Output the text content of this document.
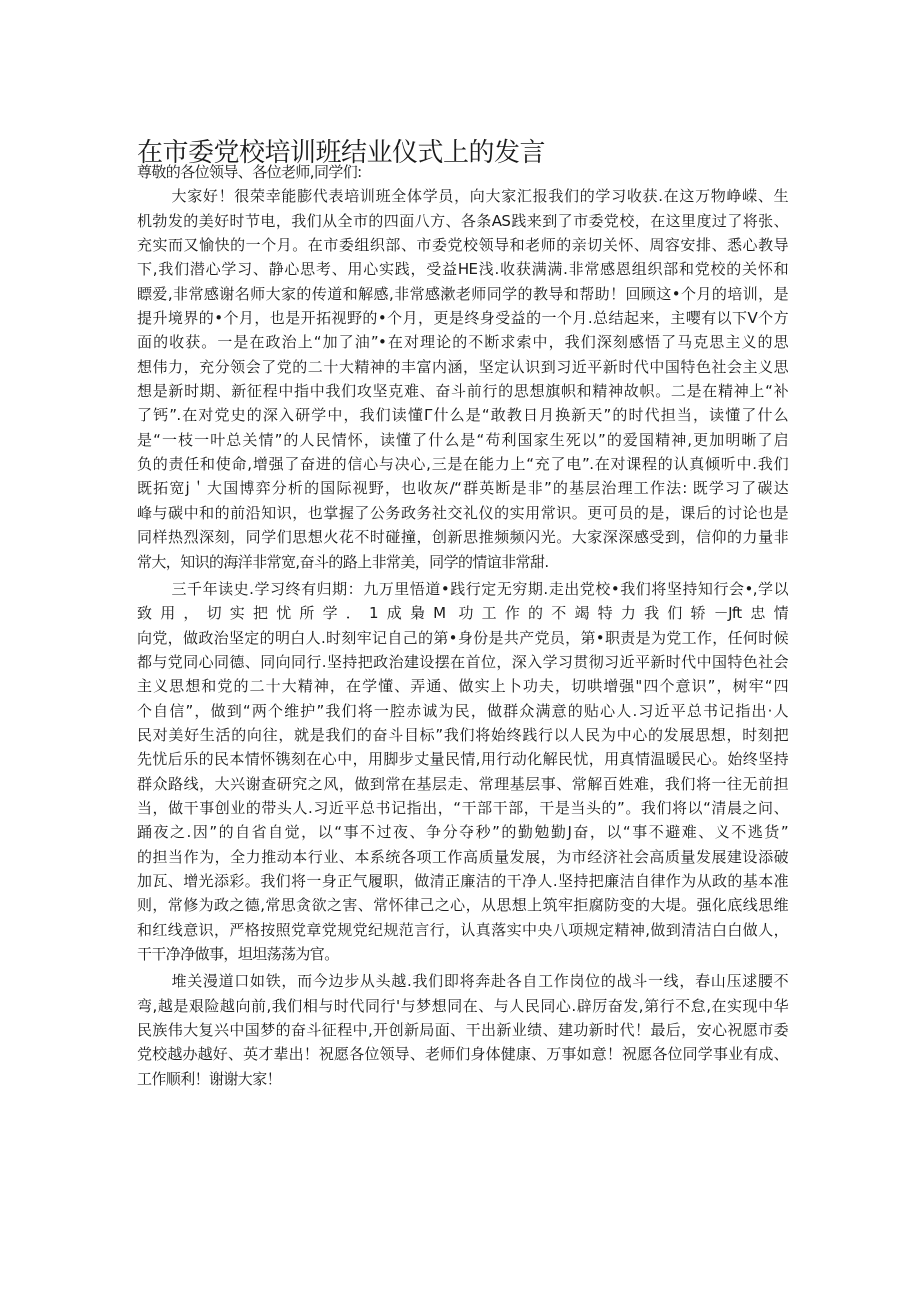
在市委党校培训班结业仪式上的发言
尊敬的各位领导、各位老师,同学们:
大家好！很荣幸能膨代表培训班全体学员，向大家汇报我们的学习收获.在这万物峥嵘、生
机勃发的美好时节电，我们从全市的四面八方、各条AS践来到了市委党校，在这里度过了将张、
充实而又愉快的一个月。在市委组织部、市委党校领导和老师的亲切关怀、周容安排、悉心教导
下,我们潜心学习、静心思考、用心实践，受益HE浅.收获满满.非常感恩组织部和党校的关怀和
瞟爱,非常感谢名师大家的传道和解感,非常感漱老师同学的教导和帮助！回顾这•个月的培训，是
提升境界的•个月，也是开拓视野的•个月，更是终身受益的一个月.总结起来，主嘤有以下V个方
面的收获。一是在政治上“加了油”•在对理论的不断求索中，我们深刻感悟了马克思主义的思
想伟力，充分领会了党的二十大精神的丰富内涵，坚定认识到习近平新时代中国特色社会主义思
想是新时期、新征程中指中我们攻坚克难、奋斗前行的思想旗帜和精神故帜。二是在精神上“补
了钙”.在对党史的深入研学中，我们读懂Γ什么是“敢教日月换新天”的时代担当，读懂了什么
是“一枝一叶总关情”的人民情怀，读懂了什么是“苟利国家生死以”的爱国精神,更加明晰了启
负的责任和使命,增强了奋进的信心与决心,三是在能力上“充了电”.在对课程的认真倾听中.我们
既拓宽j＇大国博弈分析的国际视野，也收灰/“群英断是非”的基层治理工作法: 既学习了碳达
峰与碳中和的前沿知识，也掌握了公务政务社交礼仪的实用常识。更可员的是，课后的讨论也是
同样热烈深刻，同学们思想火花不时碰撞，创新思推频频闪光。大家深深感受到，信仰的力量非
常大，知识的海洋非常宽,奋斗的路上非常美，同学的情谊非常甜.
三千年读史.学习终有归期：九万里悟道•践行定无穷期.走出党校•我们将坚持知行会•,学以
致用，切实把忧所学．1成梟M 功工作的不竭特力我们轿－Jft忠情
向党，做政治坚定的明白人.时刻牢记自己的第•身份是共产党员，第•职责是为党工作，任何时候
都与党同心同德、同向同行.坚持把政治建设摆在首位，深入学习贯彻习近平新时代中国特色社会
主义思想和党的二十大精神，在学懂、弄通、做实上卜功夫，切哄增强"四个意识”，树牢“四
个自信”，做到“两个维护”我们将一腔赤诚为民，做群众满意的贴心人.习近平总书记指出·人
民对美好生活的向往，就是我们的奋斗目标”我们将始终践行以人民为中心的发展思想，时刻把
先忧后乐的民本情怀镌刻在心中，用脚步丈量民情,用行动化解民忧，用真情温暖民心。始终坚持
群众路线，大兴谢查研究之风，做到常在基层走、常理基层事、常解百姓难，我们将一往无前担
当，做干事创业的带头人.习近平总书记指出，“干部干部，干是当头的”。我们将以“清晨之问、
踊夜之.因”的自省自觉，以“事不过夜、争分夺秒”的勤勉勤J奋，以“事不避难、义不逃货”
的担当作为，全力推动本行业、本系统各项工作高质量发展，为市经济社会高质量发展建设添破
加瓦、增光添彩。我们将一身正气履职，做清正廉洁的干净人.坚持把廉洁自律作为从政的基本准
则，常修为政之德,常思贪欲之害、常怀律己之心，从思想上筑牢拒腐防变的大堤。强化底线思维
和红线意识，严格按照党章党规党纪规范言行，认真落实中央八项规定精神,做到清洁白白做人，
干干净净做事，坦坦荡荡为官。
堆关漫道口如铁，而今边步从头越.我们即将奔赴各自工作岗位的战斗一线，春山压逑腰不
弯,越是艰险越向前,我们相与时代同行'与梦想同在、与人民同心.辟厉奋发,第行不怠,在实现中华
民族伟大复兴中国梦的奋斗征程中,开创新局面、干出新业绩、建功新时代！最后，安心祝愿市委
党校越办越好、英才辈出！祝愿各位领导、老师们身体健康、万事如意！祝愿各位同学事业有成、
工作顺利！谢谢大家！
